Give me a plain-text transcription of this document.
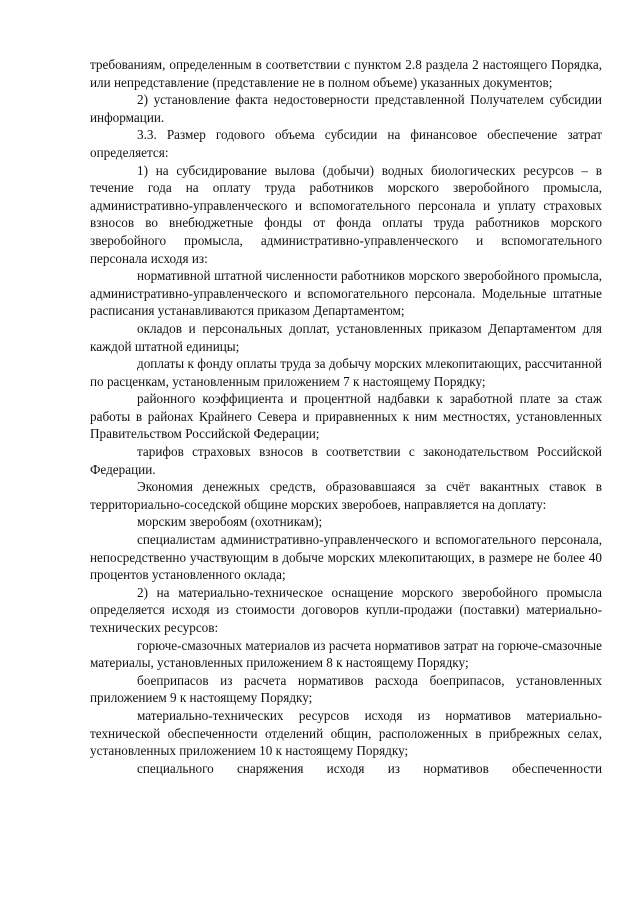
требованиям, определенным в соответствии с пунктом 2.8 раздела 2 настоящего Порядка, или непредставление (представление не в полном объеме) указанных документов;

2) установление факта недостоверности представленной Получателем субсидии информации.

3.3. Размер годового объема субсидии на финансовое обеспечение затрат определяется:

1) на субсидирование вылова (добычи) водных биологических ресурсов – в течение года на оплату труда работников морского зверобойного промысла, административно-управленческого и вспомогательного персонала и уплату страховых взносов во внебюджетные фонды от фонда оплаты труда работников морского зверобойного промысла, административно-управленческого и вспомогательного персонала исходя из:

нормативной штатной численности работников морского зверобойного промысла, административно-управленческого и вспомогательного персонала. Модельные штатные расписания устанавливаются приказом Департаментом;

окладов и персональных доплат, установленных приказом Департаментом для каждой штатной единицы;

доплаты к фонду оплаты труда за добычу морских млекопитающих, рассчитанной по расценкам, установленным приложением 7 к настоящему Порядку;

районного коэффициента и процентной надбавки к заработной плате за стаж работы в районах Крайнего Севера и приравненных к ним местностях, установленных Правительством Российской Федерации;

тарифов страховых взносов в соответствии с законодательством Российской Федерации.

Экономия денежных средств, образовавшаяся за счёт вакантных ставок в территориально-соседской общине морских зверобоев, направляется на доплату:

морским зверобоям (охотникам);

специалистам административно-управленческого и вспомогательного персонала, непосредственно участвующим в добыче морских млекопитающих, в размере не более 40 процентов установленного оклада;

2) на материально-техническое оснащение морского зверобойного промысла определяется исходя из стоимости договоров купли-продажи (поставки) материально-технических ресурсов:

горюче-смазочных материалов из расчета нормативов затрат на горюче-смазочные материалы, установленных приложением 8 к настоящему Порядку;

боеприпасов из расчета нормативов расхода боеприпасов, установленных приложением 9 к настоящему Порядку;

материально-технических ресурсов исходя из нормативов материально-технической обеспеченности отделений общин, расположенных в прибрежных селах, установленных приложением 10 к настоящему Порядку;

специального снаряжения исходя из нормативов обеспеченности
